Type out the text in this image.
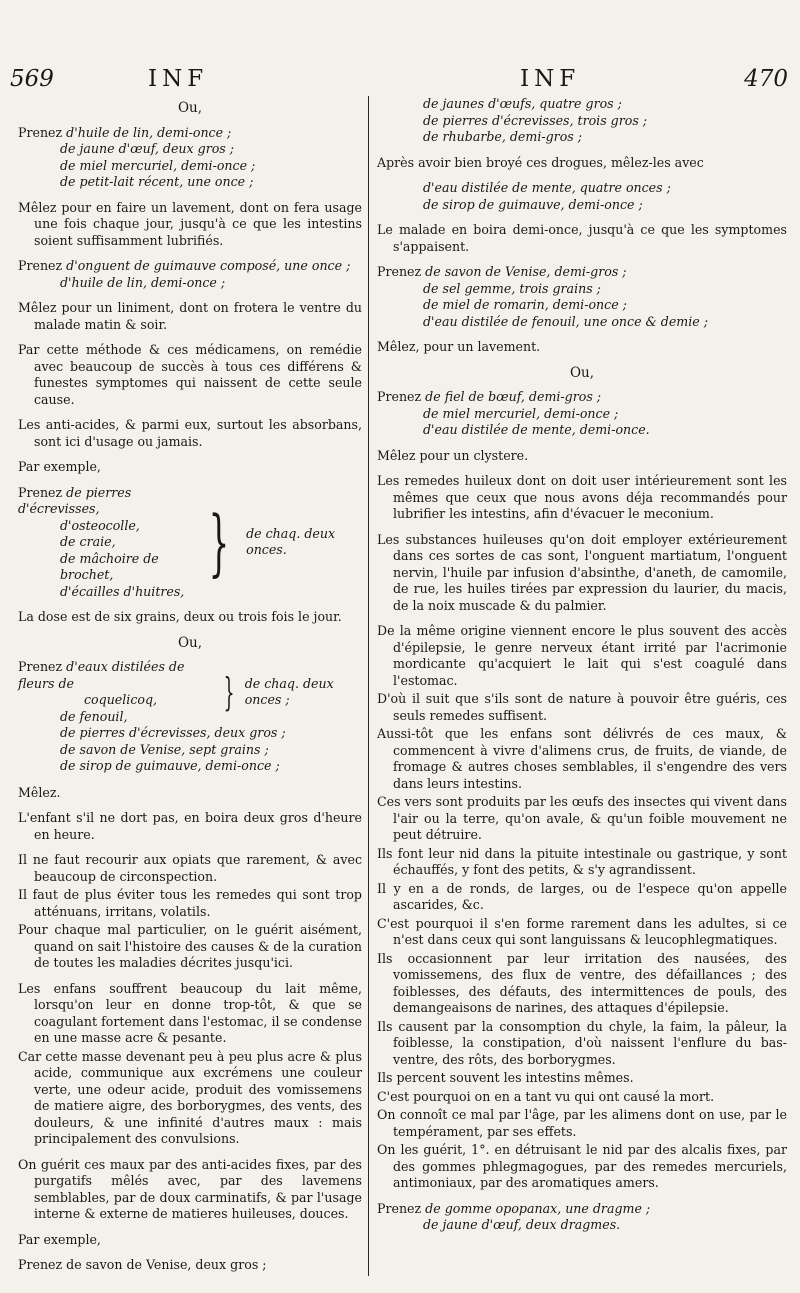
569	INF	INF	470
Ou,
Prenez d'huile de lin, demi-once ;
de jaune d'œuf, deux gros ;
de miel mercuriel, demi-once ;
de petit-lait récent, une once ;

Mêlez pour en faire un lavement, dont on fera usage une fois chaque jour, jusqu'à ce que les intestins soient suffisamment lubrifiés.

Prenez d'onguent de guimauve composé, une once ;
d'huile de lin, demi-once ;

Mêlez pour un liniment, dont on frotera le ventre du malade matin & soir.

Par cette méthode & ces médicamens, on remédie avec beaucoup de succès à tous ces différens & funestes symptomes qui naissent de cette seule cause.

Les anti-acides, & parmi eux, surtout les absorbans, sont ici d'usage ou jamais.

Par exemple,

Prenez de pierres d'écrevisses,
d'osteocolle,
de craie,
de mâchoire de brochet,
d'écailles d'huitres,
} de chaq. deux onces.

La dose est de six grains, deux ou trois fois le jour.

Ou,
Prenez d'eaux distilées de fleurs de
coquelicoq,
de fenouil,
} de chaq. deux onces ;
de pierres d'écrevisses, deux gros ;
de savon de Venise, sept grains ;
de sirop de guimauve, demi-once ;

Mêlez.

L'enfant s'il ne dort pas, en boira deux gros d'heure en heure.

Il ne faut recourir aux opiats que rarement, & avec beaucoup de circonspection.

Il faut de plus éviter tous les remedes qui sont trop atténuans, irritans, volatils.

Pour chaque mal particulier, on le guérit aisément, quand on sait l'histoire des causes & de la curation de toutes les maladies décrites jusqu'ici.

Les enfans souffrent beaucoup du lait même, lorsqu'on leur en donne trop-tôt, & que se coagulant fortement dans l'estomac, il se condense en une masse acre & pesante.

Car cette masse devenant peu à peu plus acre & plus acide, communique aux excrémens une couleur verte, une odeur acide, produit des vomissemens de matiere aigre, des borborygmes, des vents, des douleurs, & une infinité d'autres maux : mais principalement des convulsions.

On guérit ces maux par des anti-acides fixes, par des purgatifs mêlés avec, par des lavemens semblables, par de doux carminatifs, & par l'usage interne & externe de matieres huileuses, douces.

Par exemple,

Prenez de savon de Venise, deux gros ;

de jaunes d'œufs, quatre gros ;
de pierres d'écrevisses, trois gros ;
de rhubarbe, demi-gros ;

Après avoir bien broyé ces drogues, mêlez-les avec

d'eau distilée de mente, quatre onces ;
de sirop de guimauve, demi-once ;

Le malade en boira demi-once, jusqu'à ce que les symptomes s'appaisent.

Prenez de savon de Venise, demi-gros ;
de sel gemme, trois grains ;
de miel de romarin, demi-once ;
d'eau distilée de fenouil, une once & demie ;

Mêlez, pour un lavement.

Ou,
Prenez de fiel de bœuf, demi-gros ;
de miel mercuriel, demi-once ;
d'eau distilée de mente, demi-once.

Mêlez pour un clystere.

Les remedes huileux dont on doit user intérieurement sont les mêmes que ceux que nous avons déja recommandés pour lubrifier les intestins, afin d'évacuer le meconium.

Les substances huileuses qu'on doit employer extérieurement dans ces sortes de cas sont, l'onguent martiatum, l'onguent nervin, l'huile par infusion d'absinthe, d'aneth, de camomile, de rue, les huiles tirées par expression du laurier, du macis, de la noix muscade & du palmier.

De la même origine viennent encore le plus souvent des accès d'épilepsie, le genre nerveux étant irrité par l'acrimonie mordicante qu'acquiert le lait qui s'est coagulé dans l'estomac.

D'où il suit que s'ils sont de nature à pouvoir être guéris, ces seuls remedes suffisent.

Aussi-tôt que les enfans sont délivrés de ces maux, & commencent à vivre d'alimens crus, de fruits, de viande, de fromage & autres choses semblables, il s'engendre des vers dans leurs intestins.

Ces vers sont produits par les œufs des insectes qui vivent dans l'air ou la terre, qu'on avale, & qu'un foible mouvement ne peut détruire.

Ils font leur nid dans la pituite intestinale ou gastrique, y sont échauffés, y font des petits, & s'y agrandissent.

Il y en a de ronds, de larges, ou de l'espece qu'on appelle ascarides, &c.

C'est pourquoi il s'en forme rarement dans les adultes, si ce n'est dans ceux qui sont languissans & leucophlegmatiques.

Ils occasionnent par leur irritation des nausées, des vomissemens, des flux de ventre, des défaillances ; des foiblesses, des défauts, des intermittences de pouls, des demangeaisons de narines, des attaques d'épilepsie.

Ils causent par la consomption du chyle, la faim, la pâleur, la foiblesse, la constipation, d'où naissent l'enflure du bas-ventre, des rôts, des borborygmes.

Ils percent souvent les intestins mêmes.

C'est pourquoi on en a tant vu qui ont causé la mort.

On connoît ce mal par l'âge, par les alimens dont on use, par le tempérament, par ses effets.

On les guérit, 1°. en détruisant le nid par des alcalis fixes, par des gommes phlegmagogues, par des remedes mercuriels, antimoniaux, par des aromatiques amers.

Prenez de gomme opopanax, une dragme ;
de jaune d'œuf, deux dragmes.
